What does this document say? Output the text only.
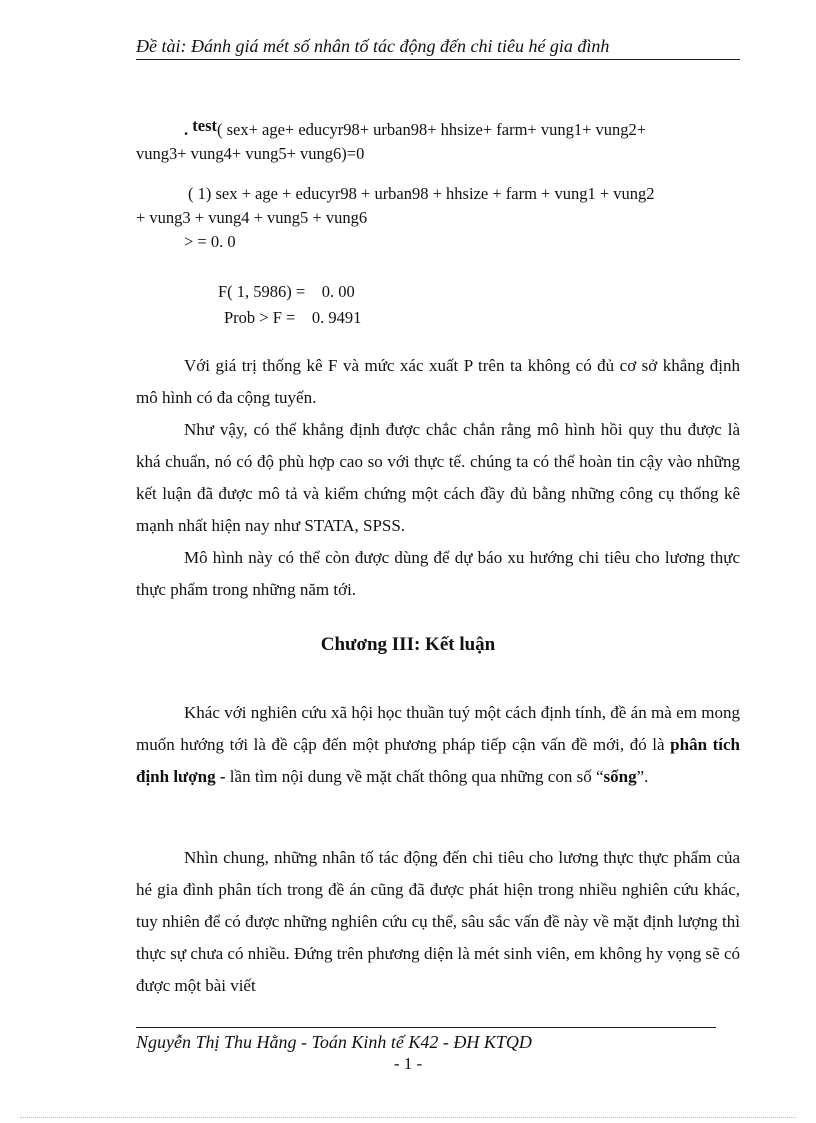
Đề tài: Đánh giá mét số nhân tố tác động đến chi tiêu hé gia đình
. test( sex+ age+ educyr98+ urban98+ hhsize+ farm+ vung1+ vung2+
vung3+ vung4+ vung5+ vung6)=0
( 1) sex + age + educyr98 + urban98 + hhsize + farm + vung1 + vung2
+ vung3 + vung4 + vung5 + vung6
> = 0. 0
F( 1, 5986) =    0. 00
Prob > F =    0. 9491

Với giá trị thống kê F và mức xác xuất P trên ta không có đủ cơ sở khẳng định mô hình có đa cộng tuyến.

Như vậy, có thể khẳng định được chắc chắn rằng mô hình hồi quy thu được là khá chuẩn, nó có độ phù hợp cao so với thực tế. chúng ta có thể hoàn tin cậy vào những kết luận đã được mô tả và kiểm chứng một cách đầy đủ bằng những công cụ thống kê mạnh nhất hiện nay như STATA, SPSS.

Mô hình này có thể còn được dùng để dự báo xu hướng chi tiêu cho lương thực thực phẩm trong những năm tới.

Chương III: Kết luận

Khác với nghiên cứu xã hội học thuần tuý một cách định tính, đề án mà em mong muốn hướng tới là đề cập đến một phương pháp tiếp cận vấn đề mới, đó là phân tích định lượng - lần tìm nội dung về mặt chất thông qua những con số “sống”.

Nhìn chung, những nhân tố tác động đến chi tiêu cho lương thực thực phẩm của hé gia đình phân tích trong đề án cũng đã được phát hiện trong nhiều nghiên cứu khác, tuy nhiên để có được những nghiên cứu cụ thể, sâu sắc vấn đề này về mặt định lượng thì thực sự chưa có nhiều. Đứng trên phương diện là mét sinh viên, em không hy vọng sẽ có được một bài viết

Nguyễn Thị Thu Hằng - Toán Kinh tế K42 - ĐH KTQD
- 1 -
